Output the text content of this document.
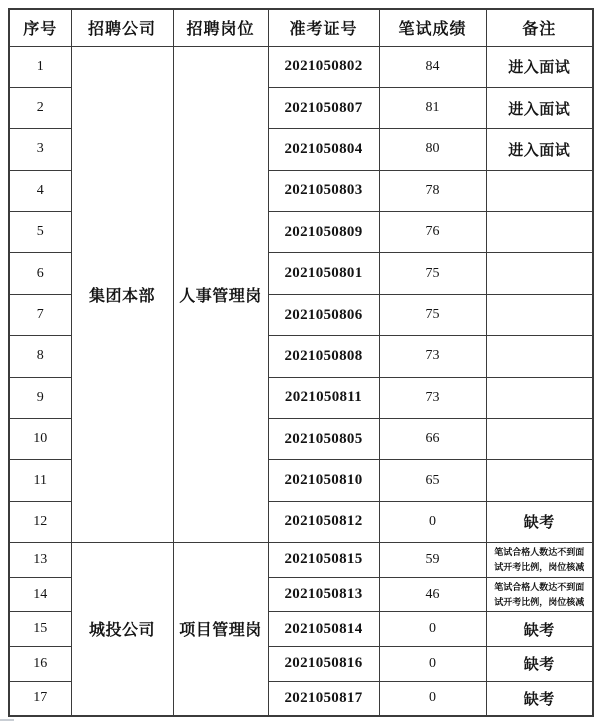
序号	招聘公司	招聘岗位	准考证号	笔试成绩	备注
1	集团本部	人事管理岗	2021050802	84	进入面试
2			2021050807	81	进入面试
3			2021050804	80	进入面试
4			2021050803	78	
5			2021050809	76	
6			2021050801	75	
7			2021050806	75	
8			2021050808	73	
9			2021050811	73	
10			2021050805	66	
11			2021050810	65	
12			2021050812	0	缺考
13	城投公司	项目管理岗	2021050815	59	笔试合格人数达不到面试开考比例，岗位核减
14			2021050813	46	笔试合格人数达不到面试开考比例，岗位核减
15			2021050814	0	缺考
16			2021050816	0	缺考
17			2021050817	0	缺考
